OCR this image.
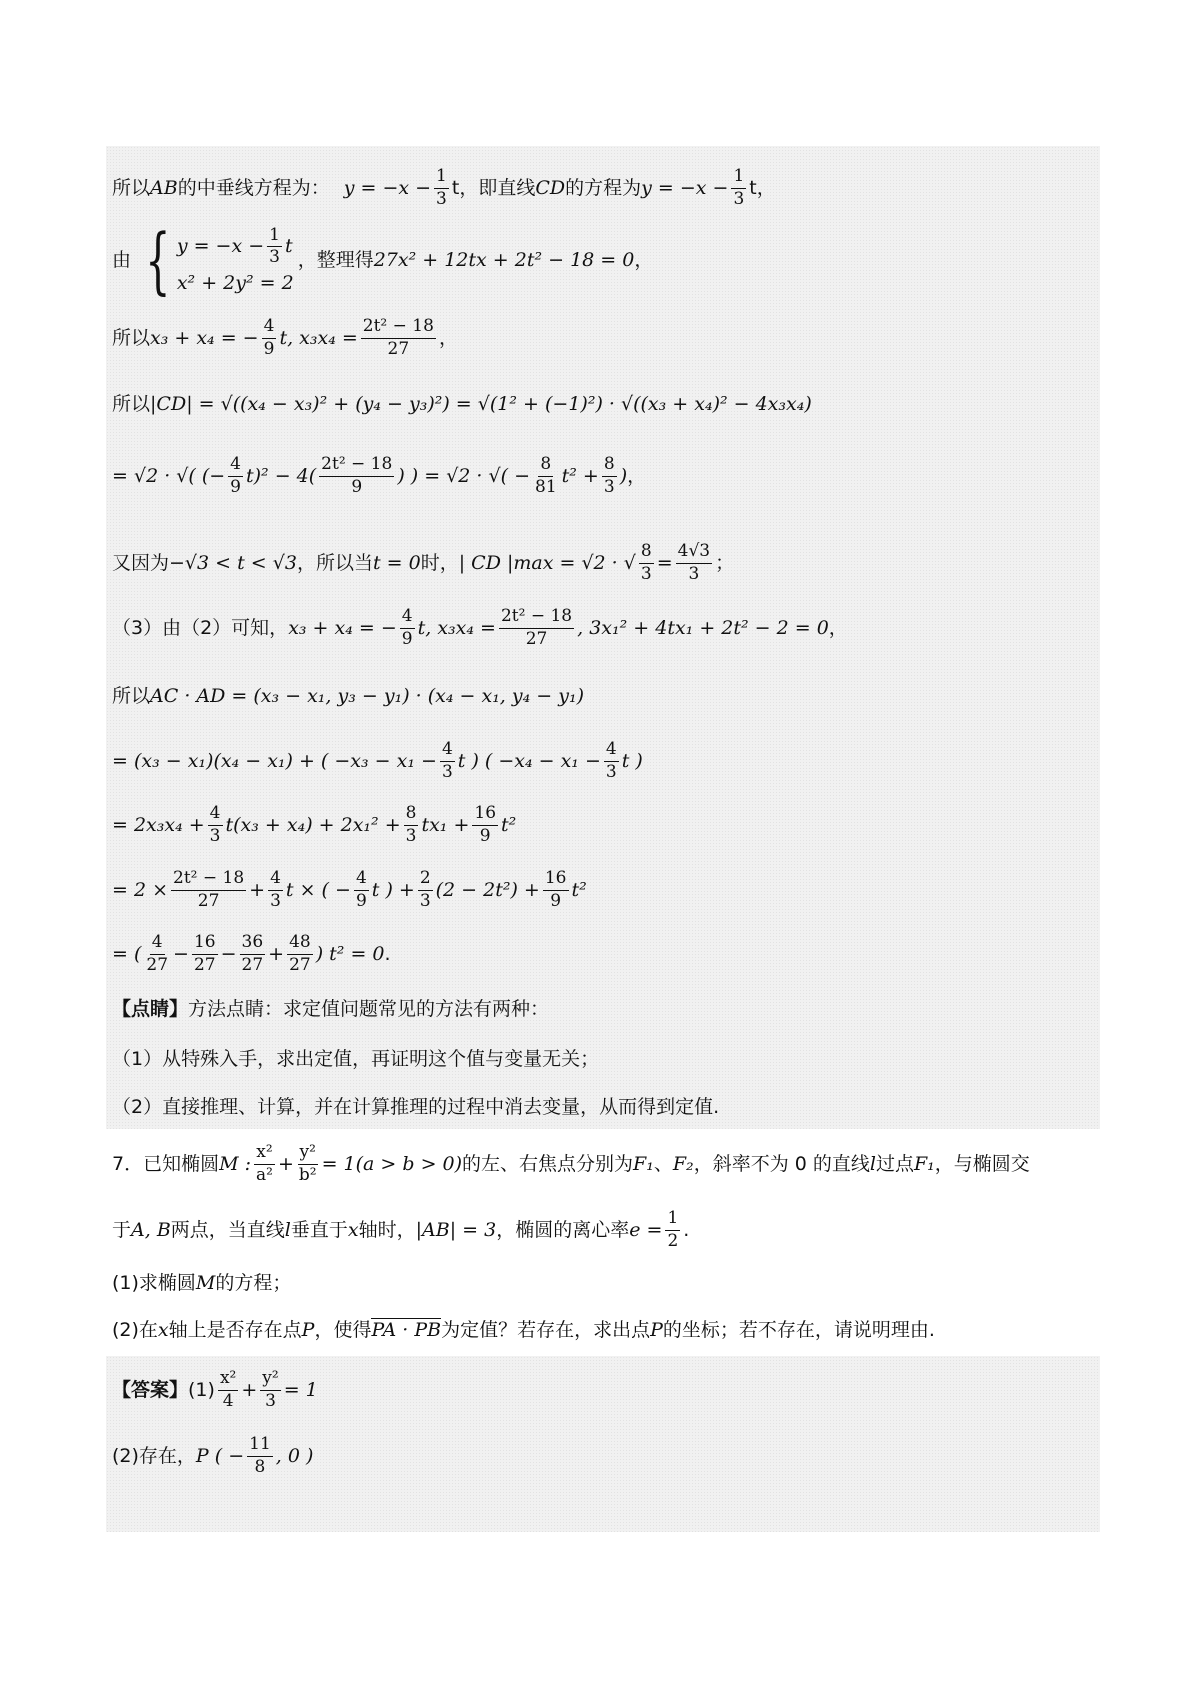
所以 AB 的中垂线方程为： $y = -x - \frac{1}{3}$ t，即直线 CD 的方程为 $y = -x - \frac{1}{3}$ t，
由 { $y = -x - \frac{1}{3}$ t
x² + 2y² = 2
，整理得 27x² + 12tx + 2t² − 18 = 0 ，
所以 x₃ + x₄ = − $\frac{4}{9} t$, $x_3x_4 = \frac{\text{2t² − 18}}{27}$ ，
所以 |CD| = √((x₄ − x₃)² + (y₄ − y₃)²) = √(1² + (−1)²) · √((x₃ + x₄)² − 4x₃x₄)
= √2 · √( (− $\frac{4}{9} t)^2 - 4( \frac{\text{2t² − 18}}{9}$ ) ) = √2 · √( − $\frac{8}{81} t^2 + \frac{8}{3}$ ) ，
又因为 −√3 < t < √3 ，所以当 t = 0 时， | CD |max = √2 · √ $\frac{8}{3} = \frac{4√3}{3}$ ；
（3）由（2）可知， x₃ + x₄ = − $\frac{4}{9} t$, $x_3x_4 = \frac{\text{2t² − 18}}{27}$ , 3x₁² + 4tx₁ + 2t² − 2 = 0 ，
所以 AC · AD = (x₃ − x₁, y₃ − y₁) · (x₄ − x₁, y₄ − y₁)
= (x₃ − x₁)(x₄ − x₁) + ( $-x_3 - x_1 - \frac{4}{3}$ t ) ( $-x_4 - x_1 - \frac{4}{3}$ t )
= $2x_3x_4 + \frac{4}{3} t(x_3 + x_4) + 2x_1^2 + \frac{8}{3} tx_1 + \frac{16}{9} t^2$
= $2 \times \frac{\text{2t² − 18}}{27} + \frac{4}{3}$ t × ( − $\frac{4}{9}$ t ) + $\frac{2}{3} (2 - 2t^2) + \frac{16}{9} t^2$
= ( $\frac{4}{27} - \frac{16}{27} - \frac{36}{27} + \frac{48}{27}$ ) t² = 0 .
【点睛】 方法点睛：求定值问题常见的方法有两种：
（1）从特殊入手，求出定值，再证明这个值与变量无关；
（2）直接推理、计算，并在计算推理的过程中消去变量，从而得到定值.
7．已知椭圆 M : $\frac{\text{x²}}{\text{a²}} + \frac{\text{y²}}{\text{b²}} = 1(a > b > 0)$ 的左、右焦点分别为 F₁ 、 F₂ ，斜率不为 0 的直线 l 过点 F₁ ，与椭圆交
于 A, B 两点，当直线 l 垂直于 x 轴时， |AB| = 3 ，椭圆的离心率 $e = \frac{1}{2}$ .
(1)求椭圆 M 的方程；
(2)在 x 轴上是否存在点 P ，使得 PA · PB 为定值？若存在，求出点 P 的坐标；若不存在，请说明理由.
【答案】 $(1) \frac{\text{x²}}{4} + \frac{\text{y²}}{3} = 1$
(2)存在， P ( − $\frac{11}{8}$ , 0 )
